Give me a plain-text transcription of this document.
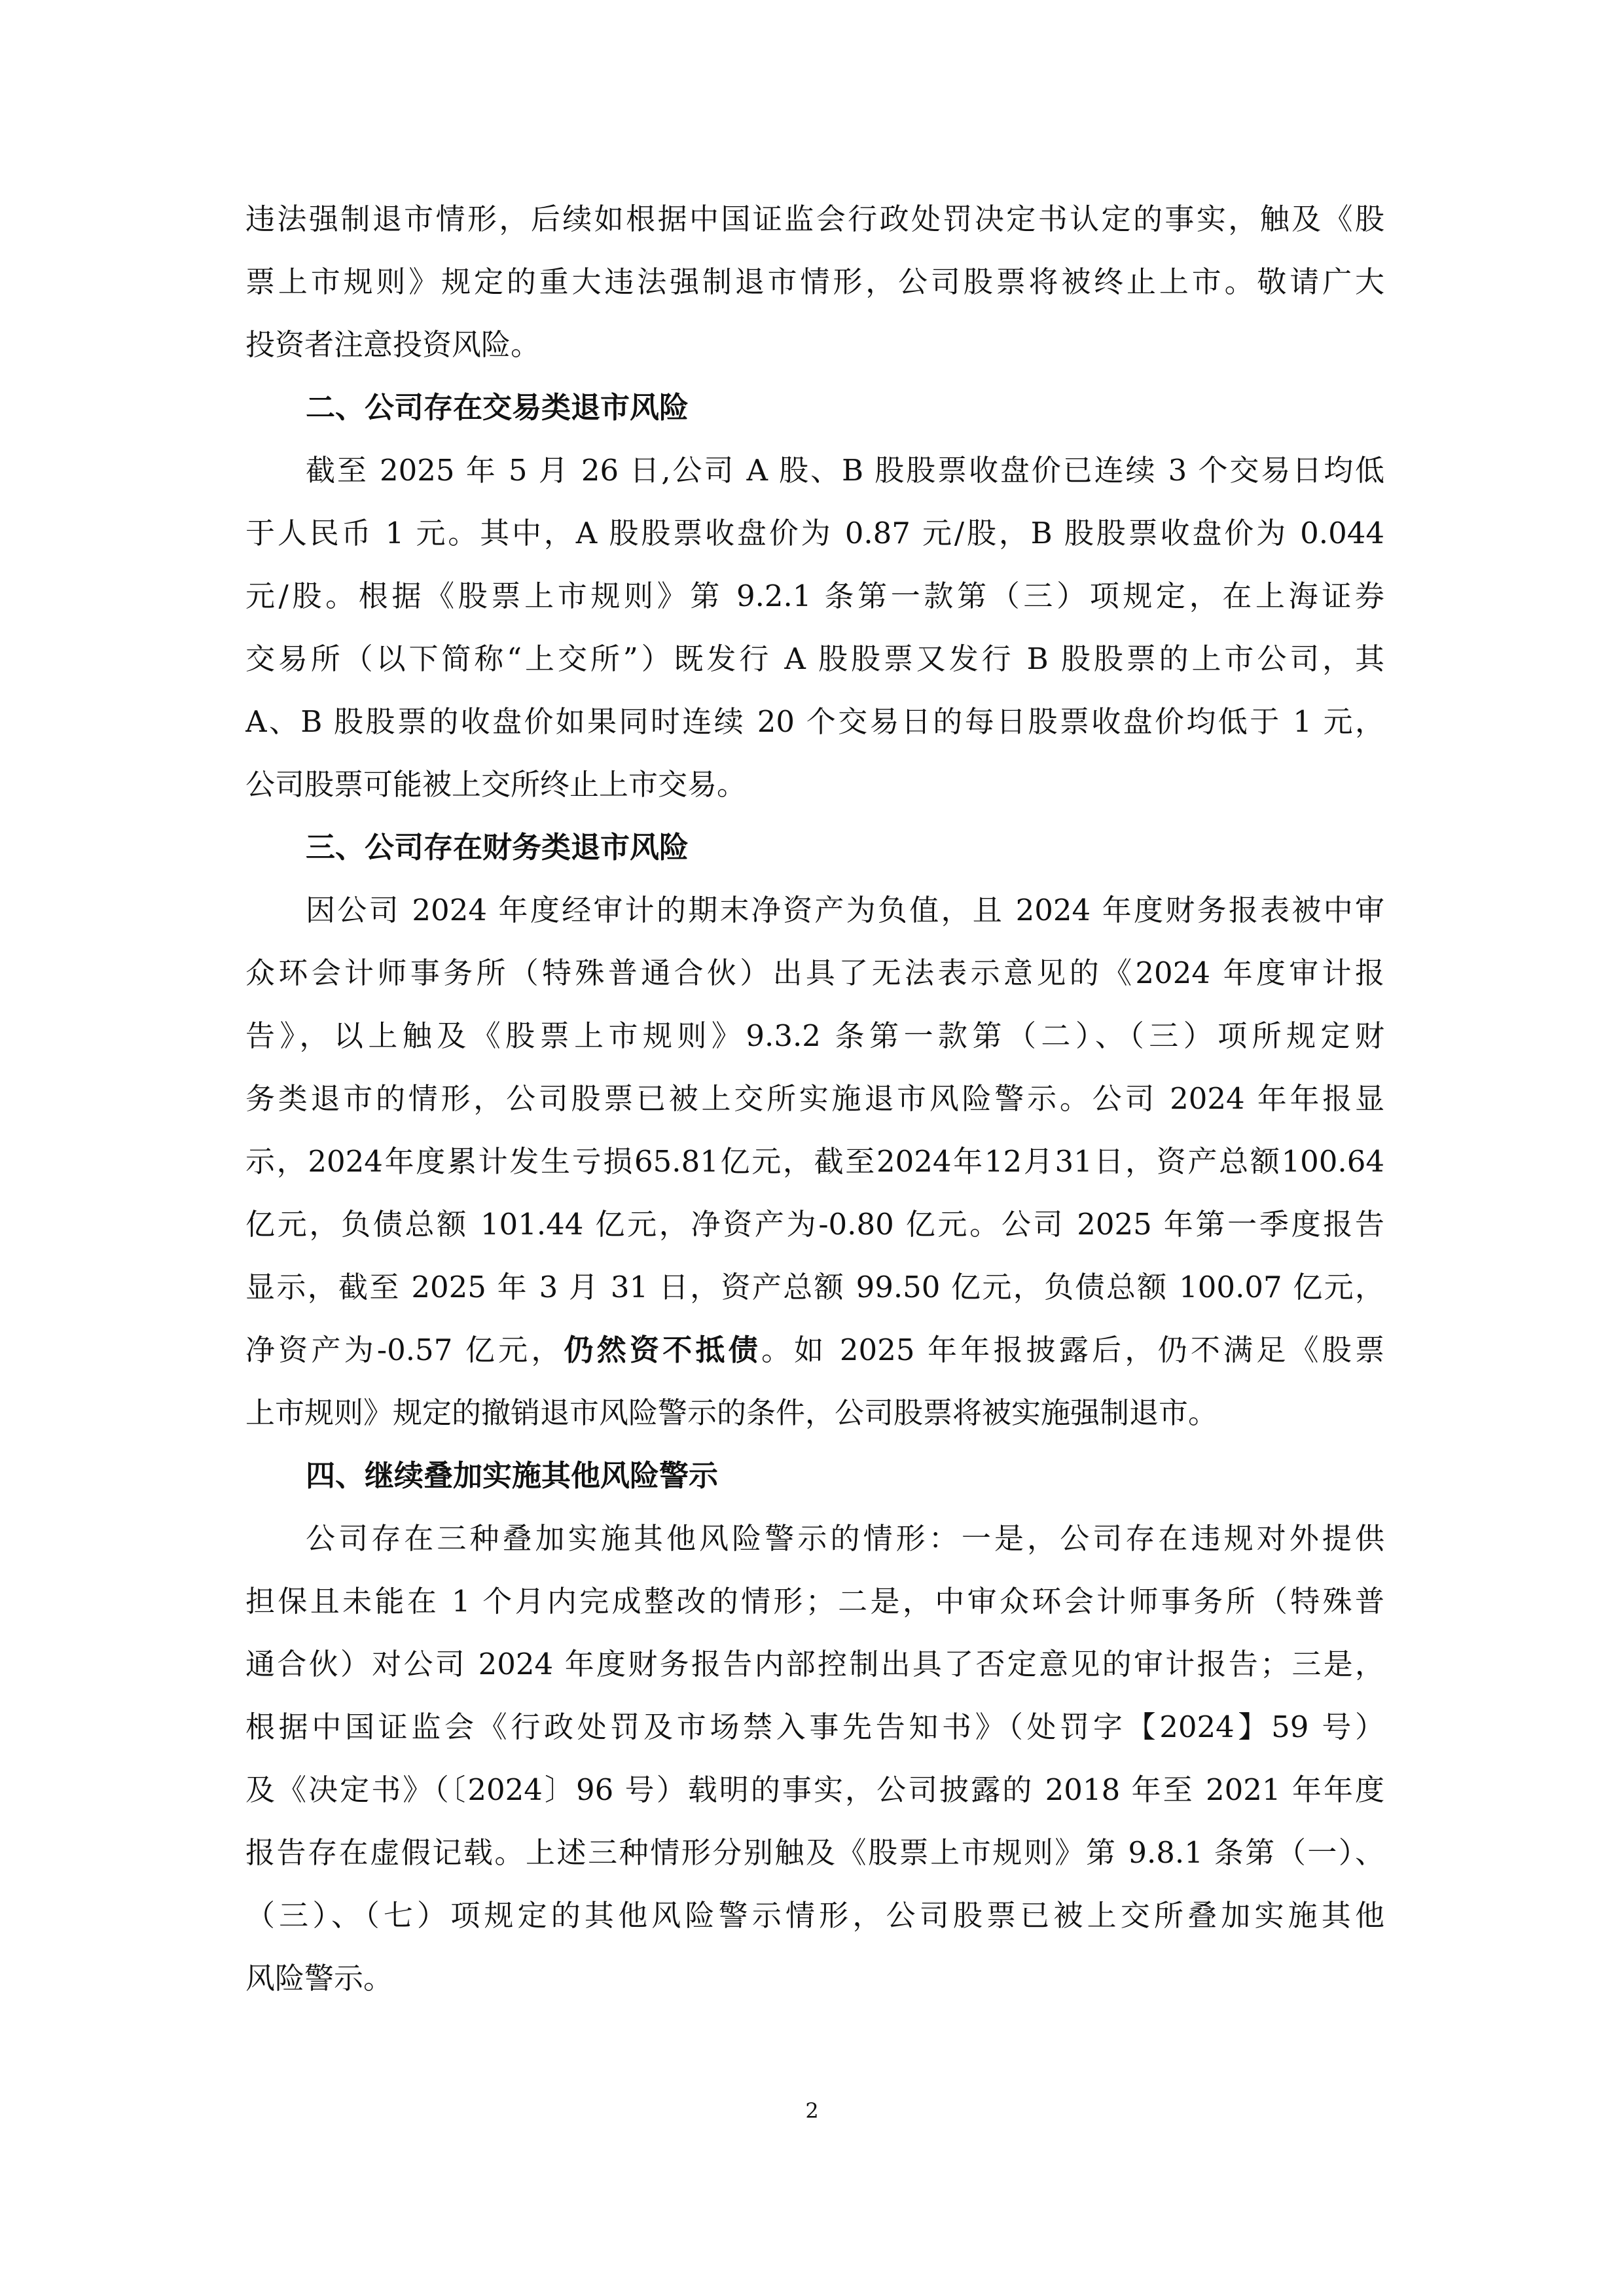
违法强制退市情形，后续如根据中国证监会行政处罚决定书认定的事实，触及《股
票上市规则》规定的重大违法强制退市情形，公司股票将被终止上市。敬请广大
投资者注意投资风险。
二、公司存在交易类退市风险
截至 2025 年 5 月 26 日,公司 A 股、B 股股票收盘价已连续 3 个交易日均低
于人民币 1 元。其中，A 股股票收盘价为 0.87 元/股，B 股股票收盘价为 0.044
元/股。根据《股票上市规则》第 9.2.1 条第一款第（三）项规定，在上海证券
交易所（以下简称“上交所”）既发行 A 股股票又发行 B 股股票的上市公司，其
A、B 股股票的收盘价如果同时连续 20 个交易日的每日股票收盘价均低于 1 元，
公司股票可能被上交所终止上市交易。
三、公司存在财务类退市风险
因公司 2024 年度经审计的期末净资产为负值，且 2024 年度财务报表被中审
众环会计师事务所（特殊普通合伙）出具了无法表示意见的《2024 年度审计报
告》，以上触及《股票上市规则》9.3.2 条第一款第（二）、（三）项所规定财
务类退市的情形，公司股票已被上交所实施退市风险警示。公司 2024 年年报显
示，2024年度累计发生亏损65.81亿元，截至2024年12月31日，资产总额100.64
亿元，负债总额 101.44 亿元，净资产为-0.80 亿元。公司 2025 年第一季度报告
显示，截至 2025 年 3 月 31 日，资产总额 99.50 亿元，负债总额 100.07 亿元，
净资产为-0.57 亿元，仍然资不抵债。如 2025 年年报披露后，仍不满足《股票
上市规则》规定的撤销退市风险警示的条件，公司股票将被实施强制退市。
四、继续叠加实施其他风险警示
公司存在三种叠加实施其他风险警示的情形：一是，公司存在违规对外提供
担保且未能在 1 个月内完成整改的情形；二是，中审众环会计师事务所（特殊普
通合伙）对公司 2024 年度财务报告内部控制出具了否定意见的审计报告；三是，
根据中国证监会《行政处罚及市场禁入事先告知书》（处罚字【2024】59 号）
及《决定书》（〔2024〕96 号）载明的事实，公司披露的 2018 年至 2021 年年度
报告存在虚假记载。上述三种情形分别触及《股票上市规则》第 9.8.1 条第（一）、
（三）、（七）项规定的其他风险警示情形，公司股票已被上交所叠加实施其他
风险警示。
2
